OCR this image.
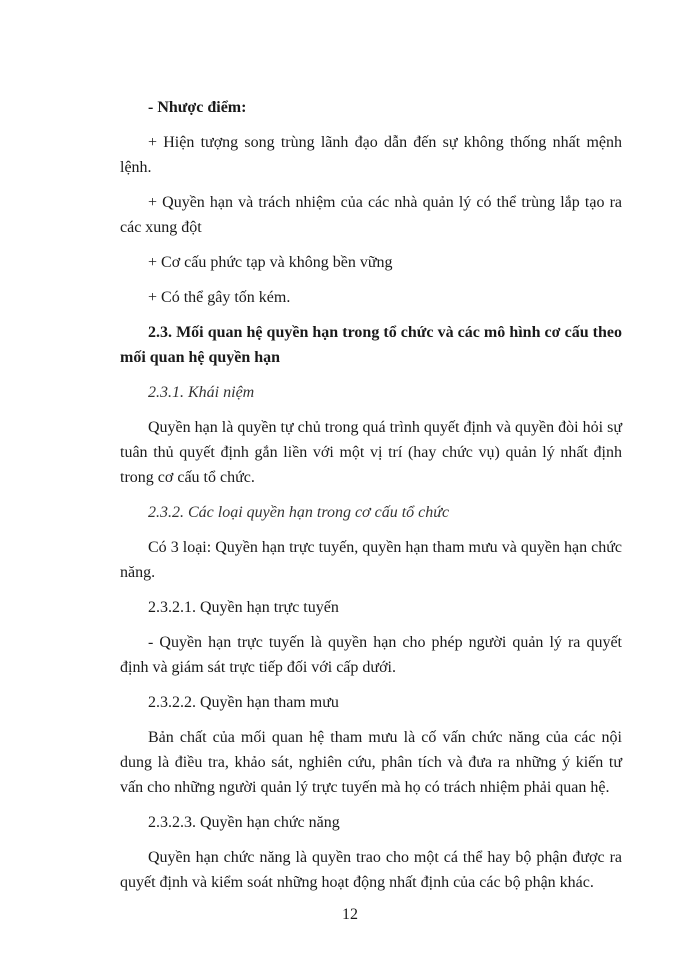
- Nhược điểm:

+ Hiện tượng song trùng lãnh đạo dẫn đến sự không thống nhất mệnh lệnh.

+ Quyền hạn và trách nhiệm của các nhà quản lý có thể trùng lắp tạo ra các xung đột

+ Cơ cấu phức tạp và không bền vững

+ Có thể gây tốn kém.

2.3. Mối quan hệ quyền hạn trong tổ chức và các mô hình cơ cấu theo mối quan hệ quyền hạn

2.3.1. Khái niệm

Quyền hạn là quyền tự chủ trong quá trình quyết định và quyền đòi hỏi sự tuân thủ quyết định gắn liền với một vị trí (hay chức vụ) quản lý nhất định trong cơ cấu tổ chức.

2.3.2. Các loại quyền hạn trong cơ cấu tổ chức

Có 3 loại: Quyền hạn trực tuyến, quyền hạn tham mưu và quyền hạn chức năng.

2.3.2.1. Quyền hạn trực tuyến

- Quyền hạn trực tuyến là quyền hạn cho phép người quản lý ra quyết định và giám sát trực tiếp đối với cấp dưới.

2.3.2.2. Quyền hạn tham mưu

Bản chất của mối quan hệ tham mưu là cố vấn chức năng của các nội dung là điều tra, khảo sát, nghiên cứu, phân tích và đưa ra những ý kiến tư vấn cho những người quản lý trực tuyến mà họ có trách nhiệm phải quan hệ.

2.3.2.3. Quyền hạn chức năng

Quyền hạn chức năng là quyền trao cho một cá thể hay bộ phận được ra quyết định và kiểm soát những hoạt động nhất định của các bộ phận khác.

12
